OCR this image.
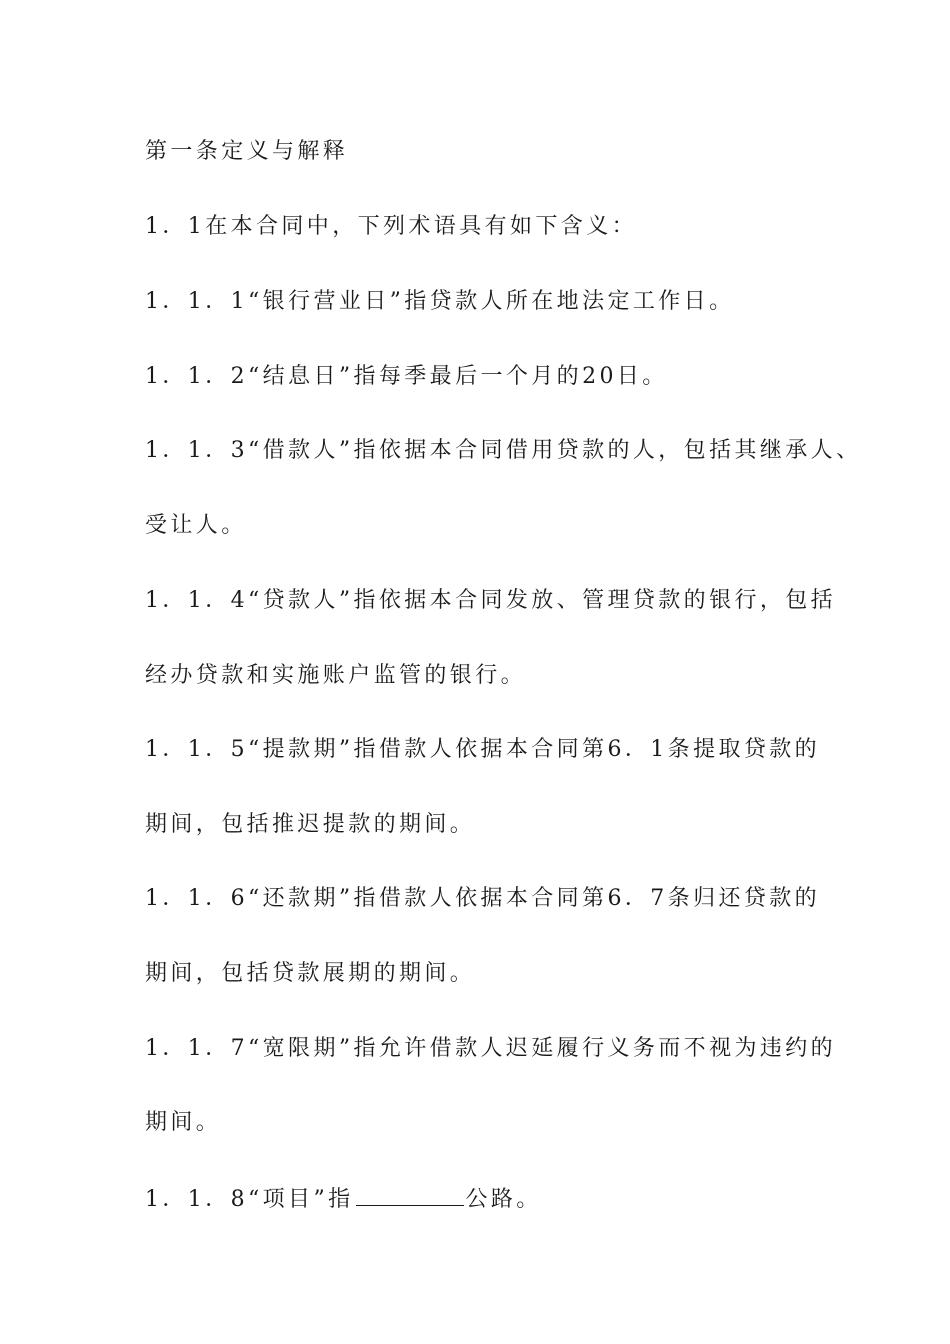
第一条定义与解释
1．1在本合同中，下列术语具有如下含义：
1．1．1“银行营业日”指贷款人所在地法定工作日。
1．1．2“结息日”指每季最后一个月的20日。
1．1．3“借款人”指依据本合同借用贷款的人，包括其继承人、
受让人。
1．1．4“贷款人”指依据本合同发放、管理贷款的银行，包括
经办贷款和实施账户监管的银行。
1．1．5“提款期”指借款人依据本合同第6．1条提取贷款的
期间，包括推迟提款的期间。
1．1．6“还款期”指借款人依据本合同第6．7条归还贷款的
期间，包括贷款展期的期间。
1．1．7“宽限期”指允许借款人迟延履行义务而不视为违约的
期间。
1．1．8“项目”指	公路。
